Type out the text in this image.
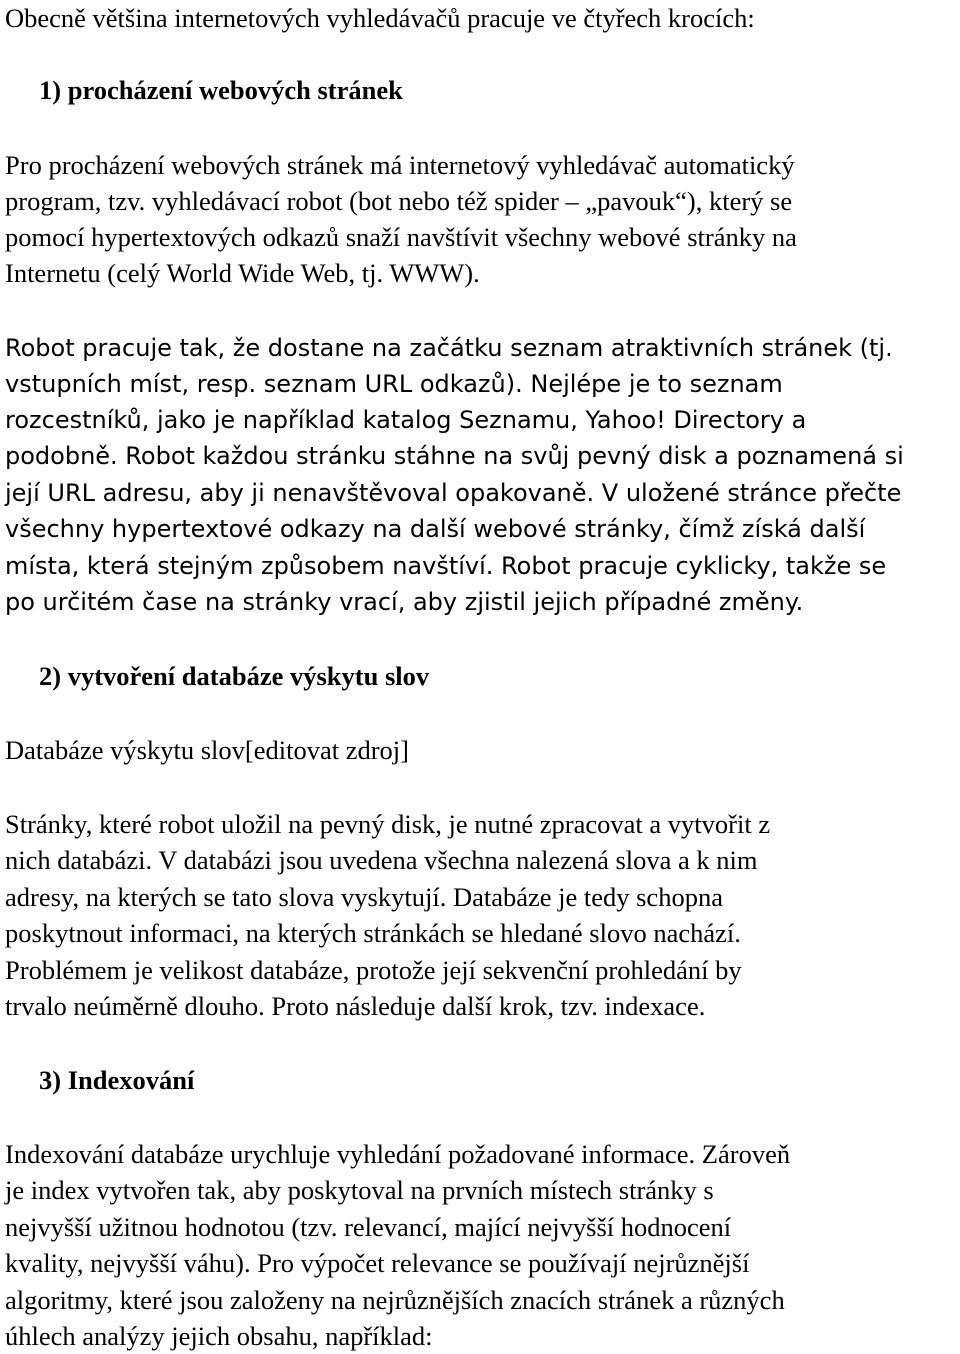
Obecně většina internetových vyhledávačů pracuje ve čtyřech krocích:
1) procházení webových stránek
Pro procházení webových stránek má internetový vyhledávač automatický
program, tzv. vyhledávací robot (bot nebo též spider – „pavouk“), který se
pomocí hypertextových odkazů snaží navštívit všechny webové stránky na
Internetu (celý World Wide Web, tj. WWW).
Robot pracuje tak, že dostane na začátku seznam atraktivních stránek (tj.
vstupních míst, resp. seznam URL odkazů). Nejlépe je to seznam
rozcestníků, jako je například katalog Seznamu, Yahoo! Directory a
podobně. Robot každou stránku stáhne na svůj pevný disk a poznamená si
její URL adresu, aby ji nenavštěvoval opakovaně. V uložené stránce přečte
všechny hypertextové odkazy na další webové stránky, čímž získá další
místa, která stejným způsobem navštíví. Robot pracuje cyklicky, takže se
po určitém čase na stránky vrací, aby zjistil jejich případné změny.
2) vytvoření databáze výskytu slov
Databáze výskytu slov[editovat zdroj]
Stránky, které robot uložil na pevný disk, je nutné zpracovat a vytvořit z
nich databázi. V databázi jsou uvedena všechna nalezená slova a k nim
adresy, na kterých se tato slova vyskytují. Databáze je tedy schopna
poskytnout informaci, na kterých stránkách se hledané slovo nachází.
Problémem je velikost databáze, protože její sekvenční prohledání by
trvalo neúměrně dlouho. Proto následuje další krok, tzv. indexace.
3) Indexování
Indexování databáze urychluje vyhledání požadované informace. Zároveň
je index vytvořen tak, aby poskytoval na prvních místech stránky s
nejvyšší užitnou hodnotou (tzv. relevancí, mající nejvyšší hodnocení
kvality, nejvyšší váhu). Pro výpočet relevance se používají nejrůznější
algoritmy, které jsou založeny na nejrůznějších znacích stránek a různých
úhlech analýzy jejich obsahu, například:
